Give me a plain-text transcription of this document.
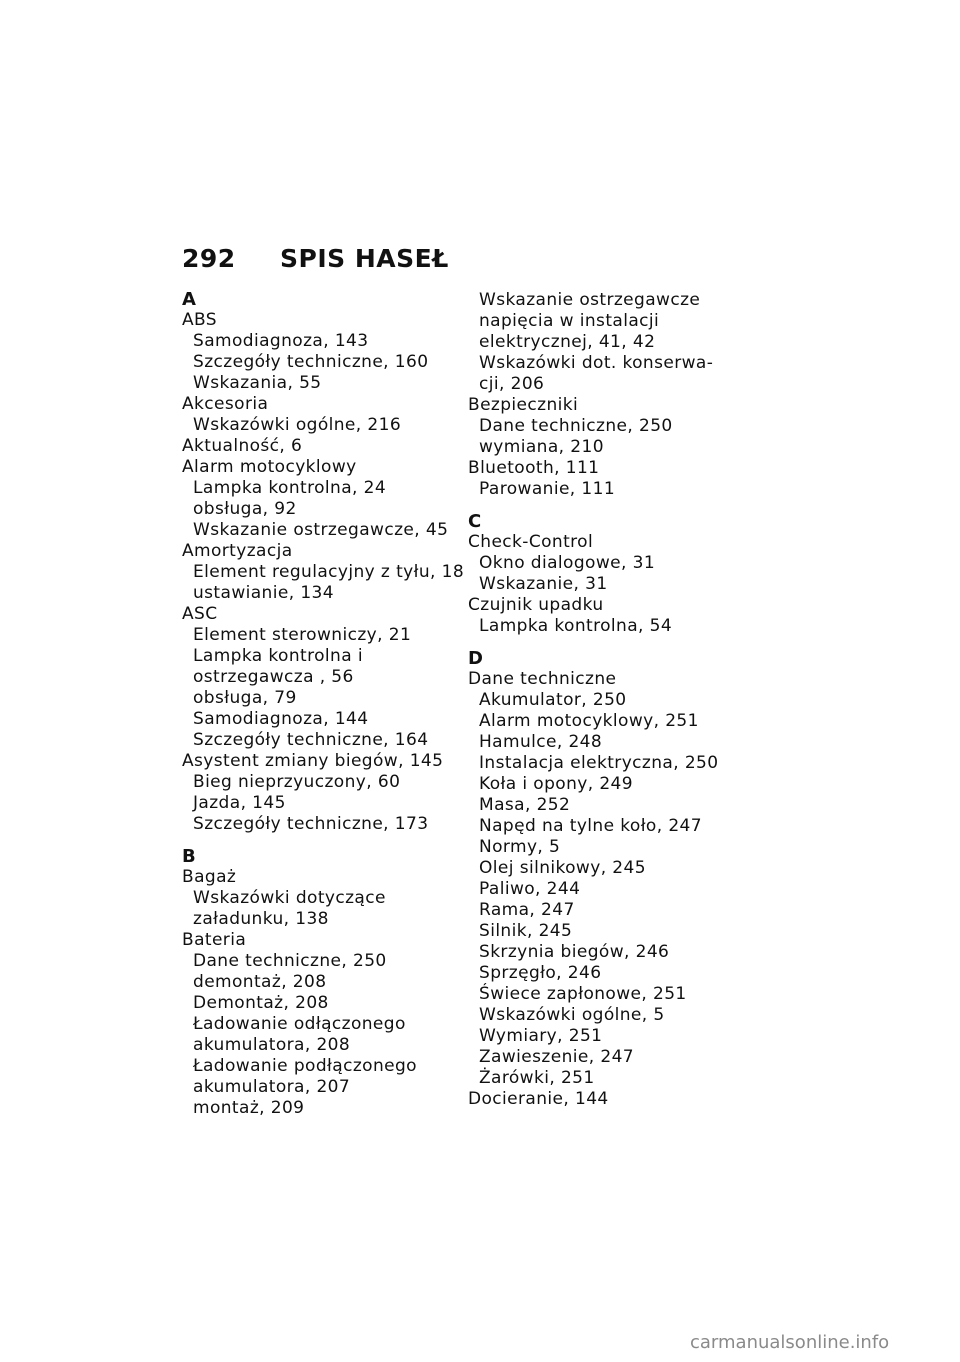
292 SPIS HASEŁ
A
ABS
Samodiagnoza, 143
Szczegóły techniczne, 160
Wskazania, 55
Akcesoria
Wskazówki ogólne, 216
Aktualność, 6
Alarm motocyklowy
Lampka kontrolna, 24
obsługa, 92
Wskazanie ostrzegawcze, 45
Amortyzacja
Element regulacyjny z tyłu, 18
ustawianie, 134
ASC
Element sterowniczy, 21
Lampka kontrolna i
ostrzegawcza , 56
obsługa, 79
Samodiagnoza, 144
Szczegóły techniczne, 164
Asystent zmiany biegów, 145
Bieg nieprzyuczony, 60
Jazda, 145
Szczegóły techniczne, 173
B
Bagaż
Wskazówki dotyczące
załadunku, 138
Bateria
Dane techniczne, 250
demontaż, 208
Demontaż, 208
Ładowanie odłączonego
akumulatora, 208
Ładowanie podłączonego
akumulatora, 207
montaż, 209
Wskazanie ostrzegawcze
napięcia w instalacji
elektrycznej, 41, 42
Wskazówki dot. konserwa-
cji, 206
Bezpieczniki
Dane techniczne, 250
wymiana, 210
Bluetooth, 111
Parowanie, 111
C
Check-Control
Okno dialogowe, 31
Wskazanie, 31
Czujnik upadku
Lampka kontrolna, 54
D
Dane techniczne
Akumulator, 250
Alarm motocyklowy, 251
Hamulce, 248
Instalacja elektryczna, 250
Koła i opony, 249
Masa, 252
Napęd na tylne koło, 247
Normy, 5
Olej silnikowy, 245
Paliwo, 244
Rama, 247
Silnik, 245
Skrzynia biegów, 246
Sprzęgło, 246
Świece zapłonowe, 251
Wskazówki ogólne, 5
Wymiary, 251
Zawieszenie, 247
Żarówki, 251
Docieranie, 144
carmanualsonline.info
